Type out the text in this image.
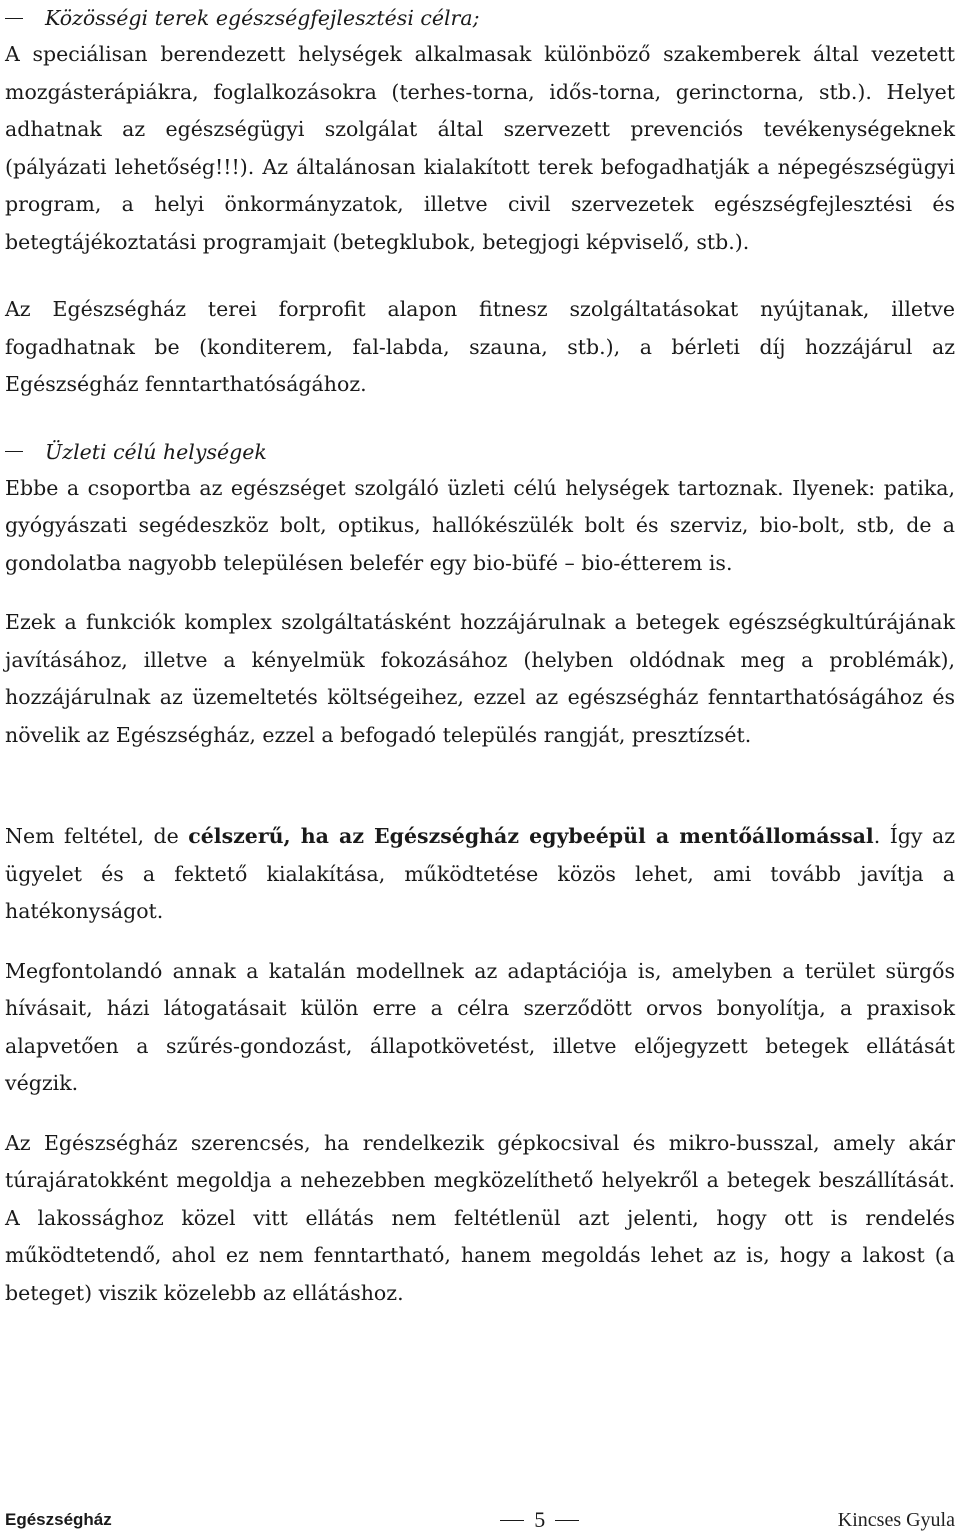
Közösségi terek egészségfejlesztési célra;

A speciálisan berendezett helységek alkalmasak különböző szakemberek által vezetett mozgásterápiákra, foglalkozásokra (terhes-torna, idős-torna, gerinctorna, stb.). Helyet adhatnak az egészségügyi szolgálat által szervezett prevenciós tevékenységeknek (pályázati lehetőség!!!). Az általánosan kialakított terek befogadhatják a népegészségügyi program, a helyi önkormányzatok, illetve civil szervezetek egészségfejlesztési és betegtájékoztatási programjait (betegklubok, betegjogi képviselő, stb.).

Az Egészségház terei forprofit alapon fitnesz szolgáltatásokat nyújtanak, illetve fogadhatnak be (konditerem, fal-labda, szauna, stb.), a bérleti díj hozzájárul az Egészségház fenntarthatóságához.

Üzleti célú helységek

Ebbe a csoportba az egészséget szolgáló üzleti célú helységek tartoznak. Ilyenek: patika, gyógyászati segédeszköz bolt, optikus, hallókészülék bolt és szerviz, bio-bolt, stb, de a gondolatba nagyobb településen belefér egy bio-büfé – bio-étterem is.

Ezek a funkciók komplex szolgáltatásként hozzájárulnak a betegek egészségkultúrájának javításához, illetve a kényelmük fokozásához (helyben oldódnak meg a problémák), hozzájárulnak az üzemeltetés költségeihez, ezzel az egészségház fenntarthatóságához és növelik az Egészségház, ezzel a befogadó település rangját, presztízsét.

Nem feltétel, de célszerű, ha az Egészségház egybeépül a mentőállomással. Így az ügyelet és a fektető kialakítása, működtetése közös lehet, ami tovább javítja a hatékonyságot.

Megfontolandó annak a katalán modellnek az adaptációja is, amelyben a terület sürgős hívásait, házi látogatásait külön erre a célra szerződött orvos bonyolítja, a praxisok alapvetően a szűrés-gondozást, állapotkövetést, illetve előjegyzett betegek ellátását végzik.

Az Egészségház szerencsés, ha rendelkezik gépkocsival és mikro-busszal, amely akár túrajáratokként megoldja a nehezebben megközelíthető helyekről a betegek beszállítását. A lakossághoz közel vitt ellátás nem feltétlenül azt jelenti, hogy ott is rendelés működtetendő, ahol ez nem fenntartható, hanem megoldás lehet az is, hogy a lakost (a beteget) viszik közelebb az ellátáshoz.

Egészségház	5	Kincses Gyula
